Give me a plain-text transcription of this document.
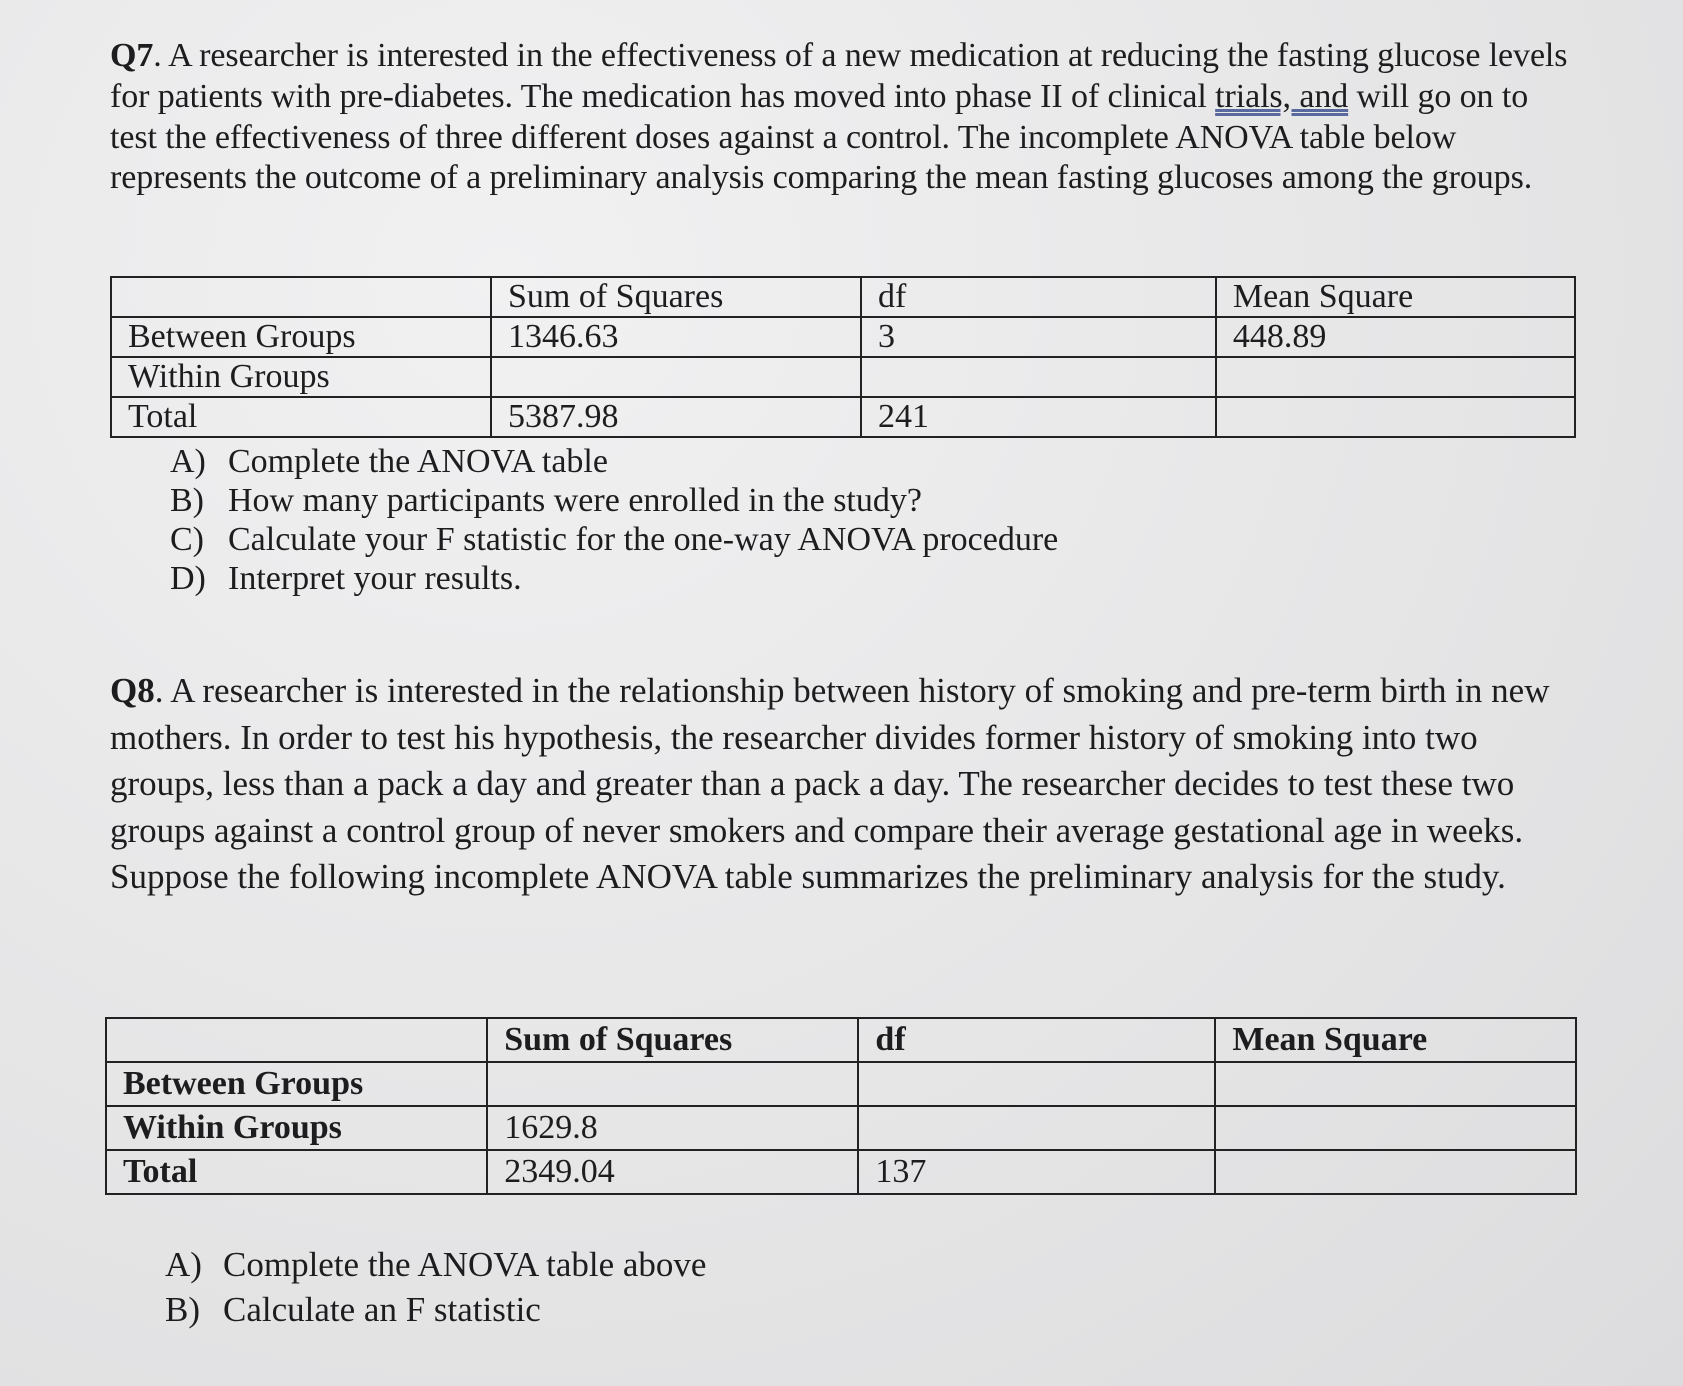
Q7. A researcher is interested in the effectiveness of a new medication at reducing the fasting glucose levels for patients with pre-diabetes. The medication has moved into phase II of clinical trials, and will go on to test the effectiveness of three different doses against a control. The incomplete ANOVA table below represents the outcome of a preliminary analysis comparing the mean fasting glucoses among the groups.
	Sum of Squares	df	Mean Square
Between Groups	1346.63	3	448.89
Within Groups			
Total	5387.98	241	
A) Complete the ANOVA table
B) How many participants were enrolled in the study?
C) Calculate your F statistic for the one-way ANOVA procedure
D) Interpret your results.
Q8. A researcher is interested in the relationship between history of smoking and pre-term birth in new mothers. In order to test his hypothesis, the researcher divides former history of smoking into two groups, less than a pack a day and greater than a pack a day. The researcher decides to test these two groups against a control group of never smokers and compare their average gestational age in weeks. Suppose the following incomplete ANOVA table summarizes the preliminary analysis for the study.
	Sum of Squares	df	Mean Square
Between Groups			
Within Groups	1629.8		
Total	2349.04	137	
A) Complete the ANOVA table above
B) Calculate an F statistic
